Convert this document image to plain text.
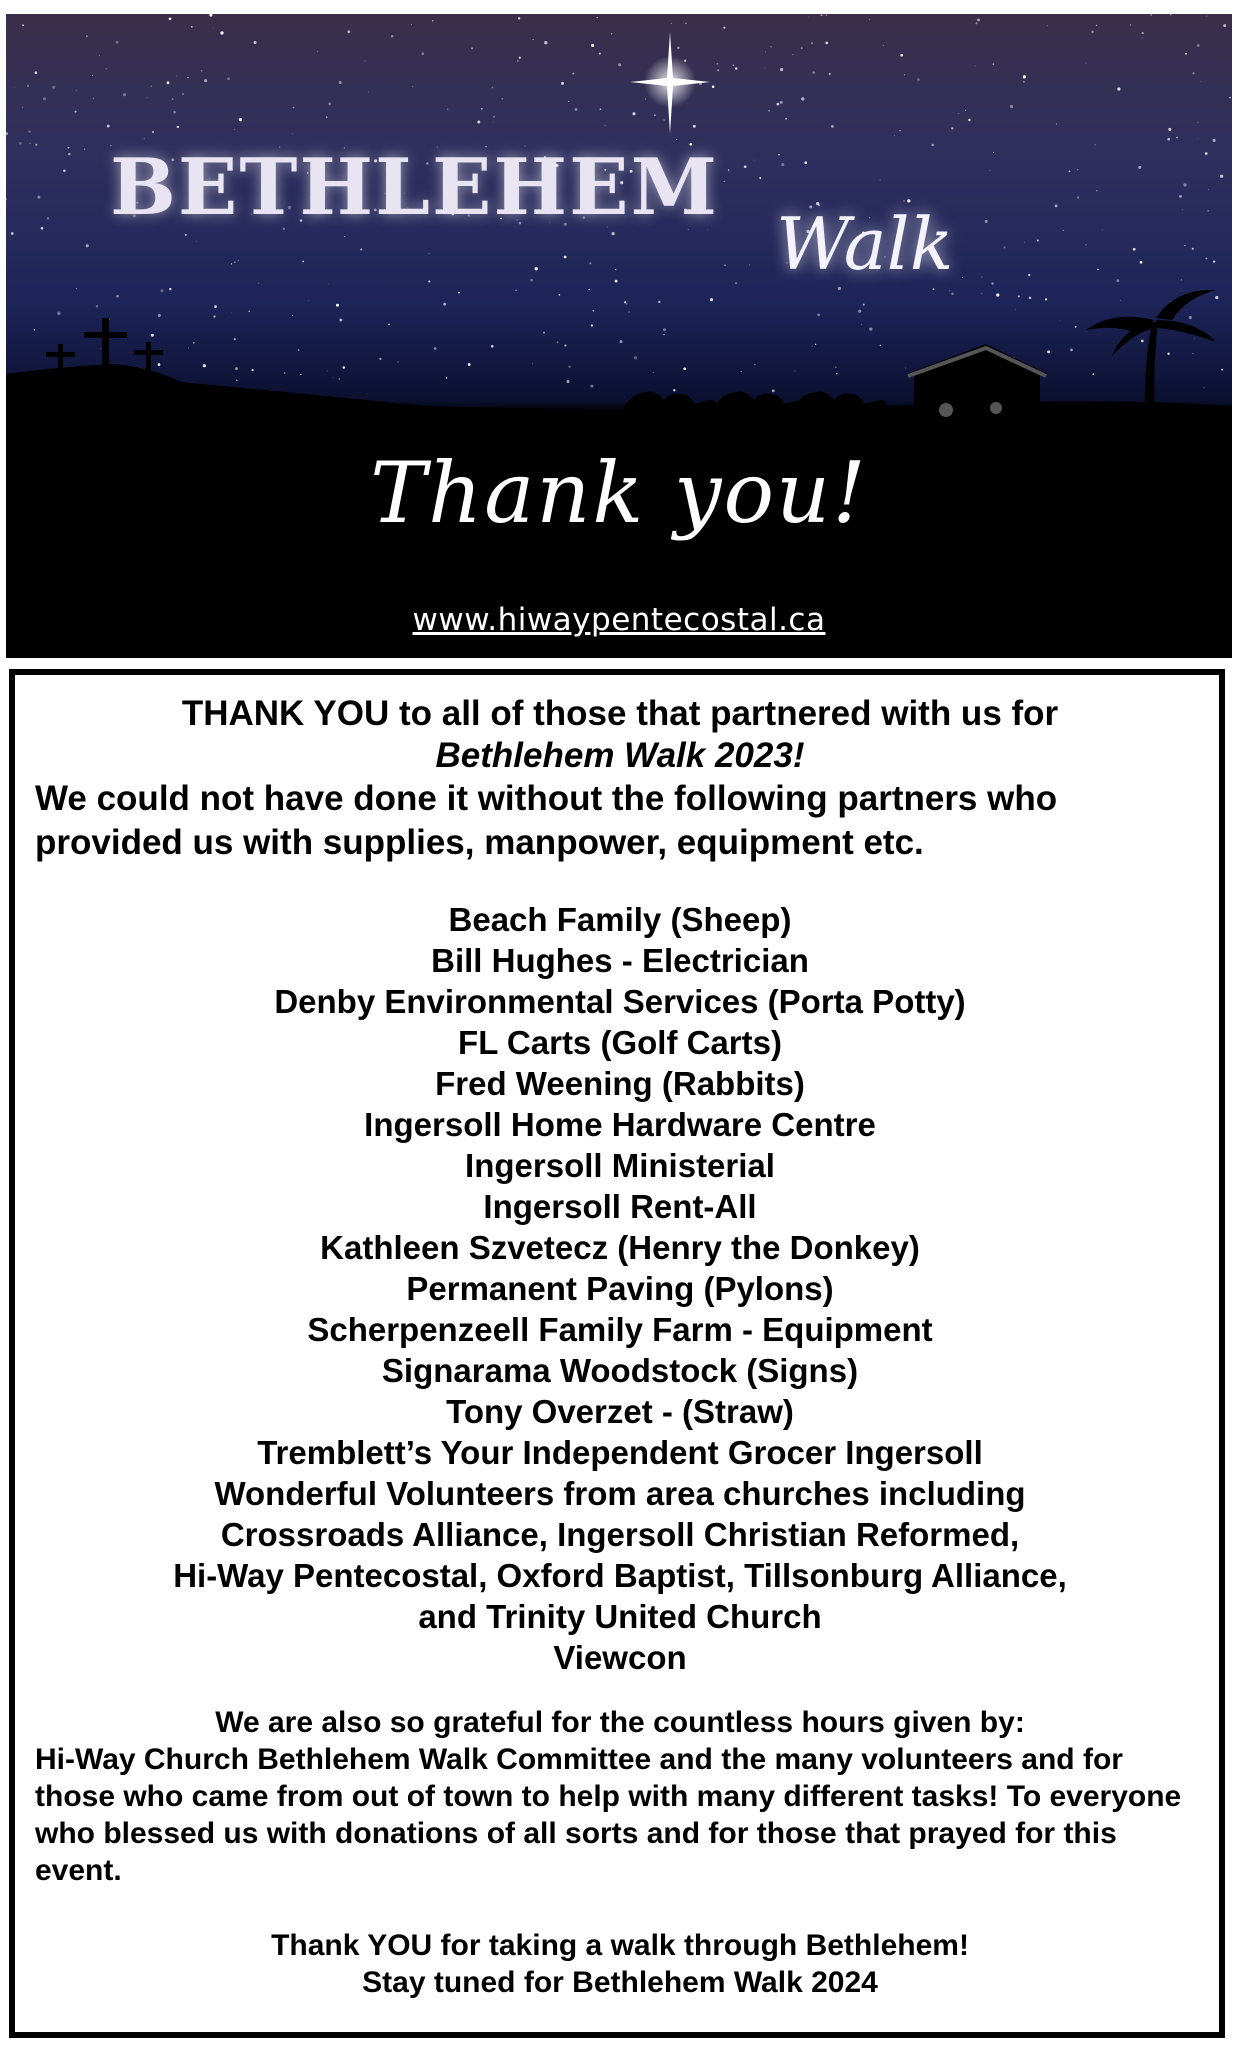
BETHLEHEM
Walk
Thank you!
www.hiwaypentecostal.ca

THANK YOU to all of those that partnered with us for

Bethlehem Walk 2023!

We could not have done it without the following partners who provided us with supplies, manpower, equipment etc.

Beach Family (Sheep)
Bill Hughes - Electrician
Denby Environmental Services (Porta Potty)
FL Carts (Golf Carts)
Fred Weening (Rabbits)
Ingersoll Home Hardware Centre
Ingersoll Ministerial
Ingersoll Rent-All
Kathleen Szvetecz (Henry the Donkey)
Permanent Paving (Pylons)
Scherpenzeell Family Farm - Equipment
Signarama Woodstock (Signs)
Tony Overzet - (Straw)
Tremblett’s Your Independent Grocer Ingersoll
Wonderful Volunteers from area churches including
Crossroads Alliance, Ingersoll Christian Reformed,
Hi-Way Pentecostal, Oxford Baptist, Tillsonburg Alliance,
and Trinity United Church
Viewcon

We are also so grateful for the countless hours given by:

Hi-Way Church Bethlehem Walk Committee and the many volunteers and for those who came from out of town to help with many different tasks! To everyone who blessed us with donations of all sorts and for those that prayed for this event.

Thank YOU for taking a walk through Bethlehem!

Stay tuned for Bethlehem Walk 2024
